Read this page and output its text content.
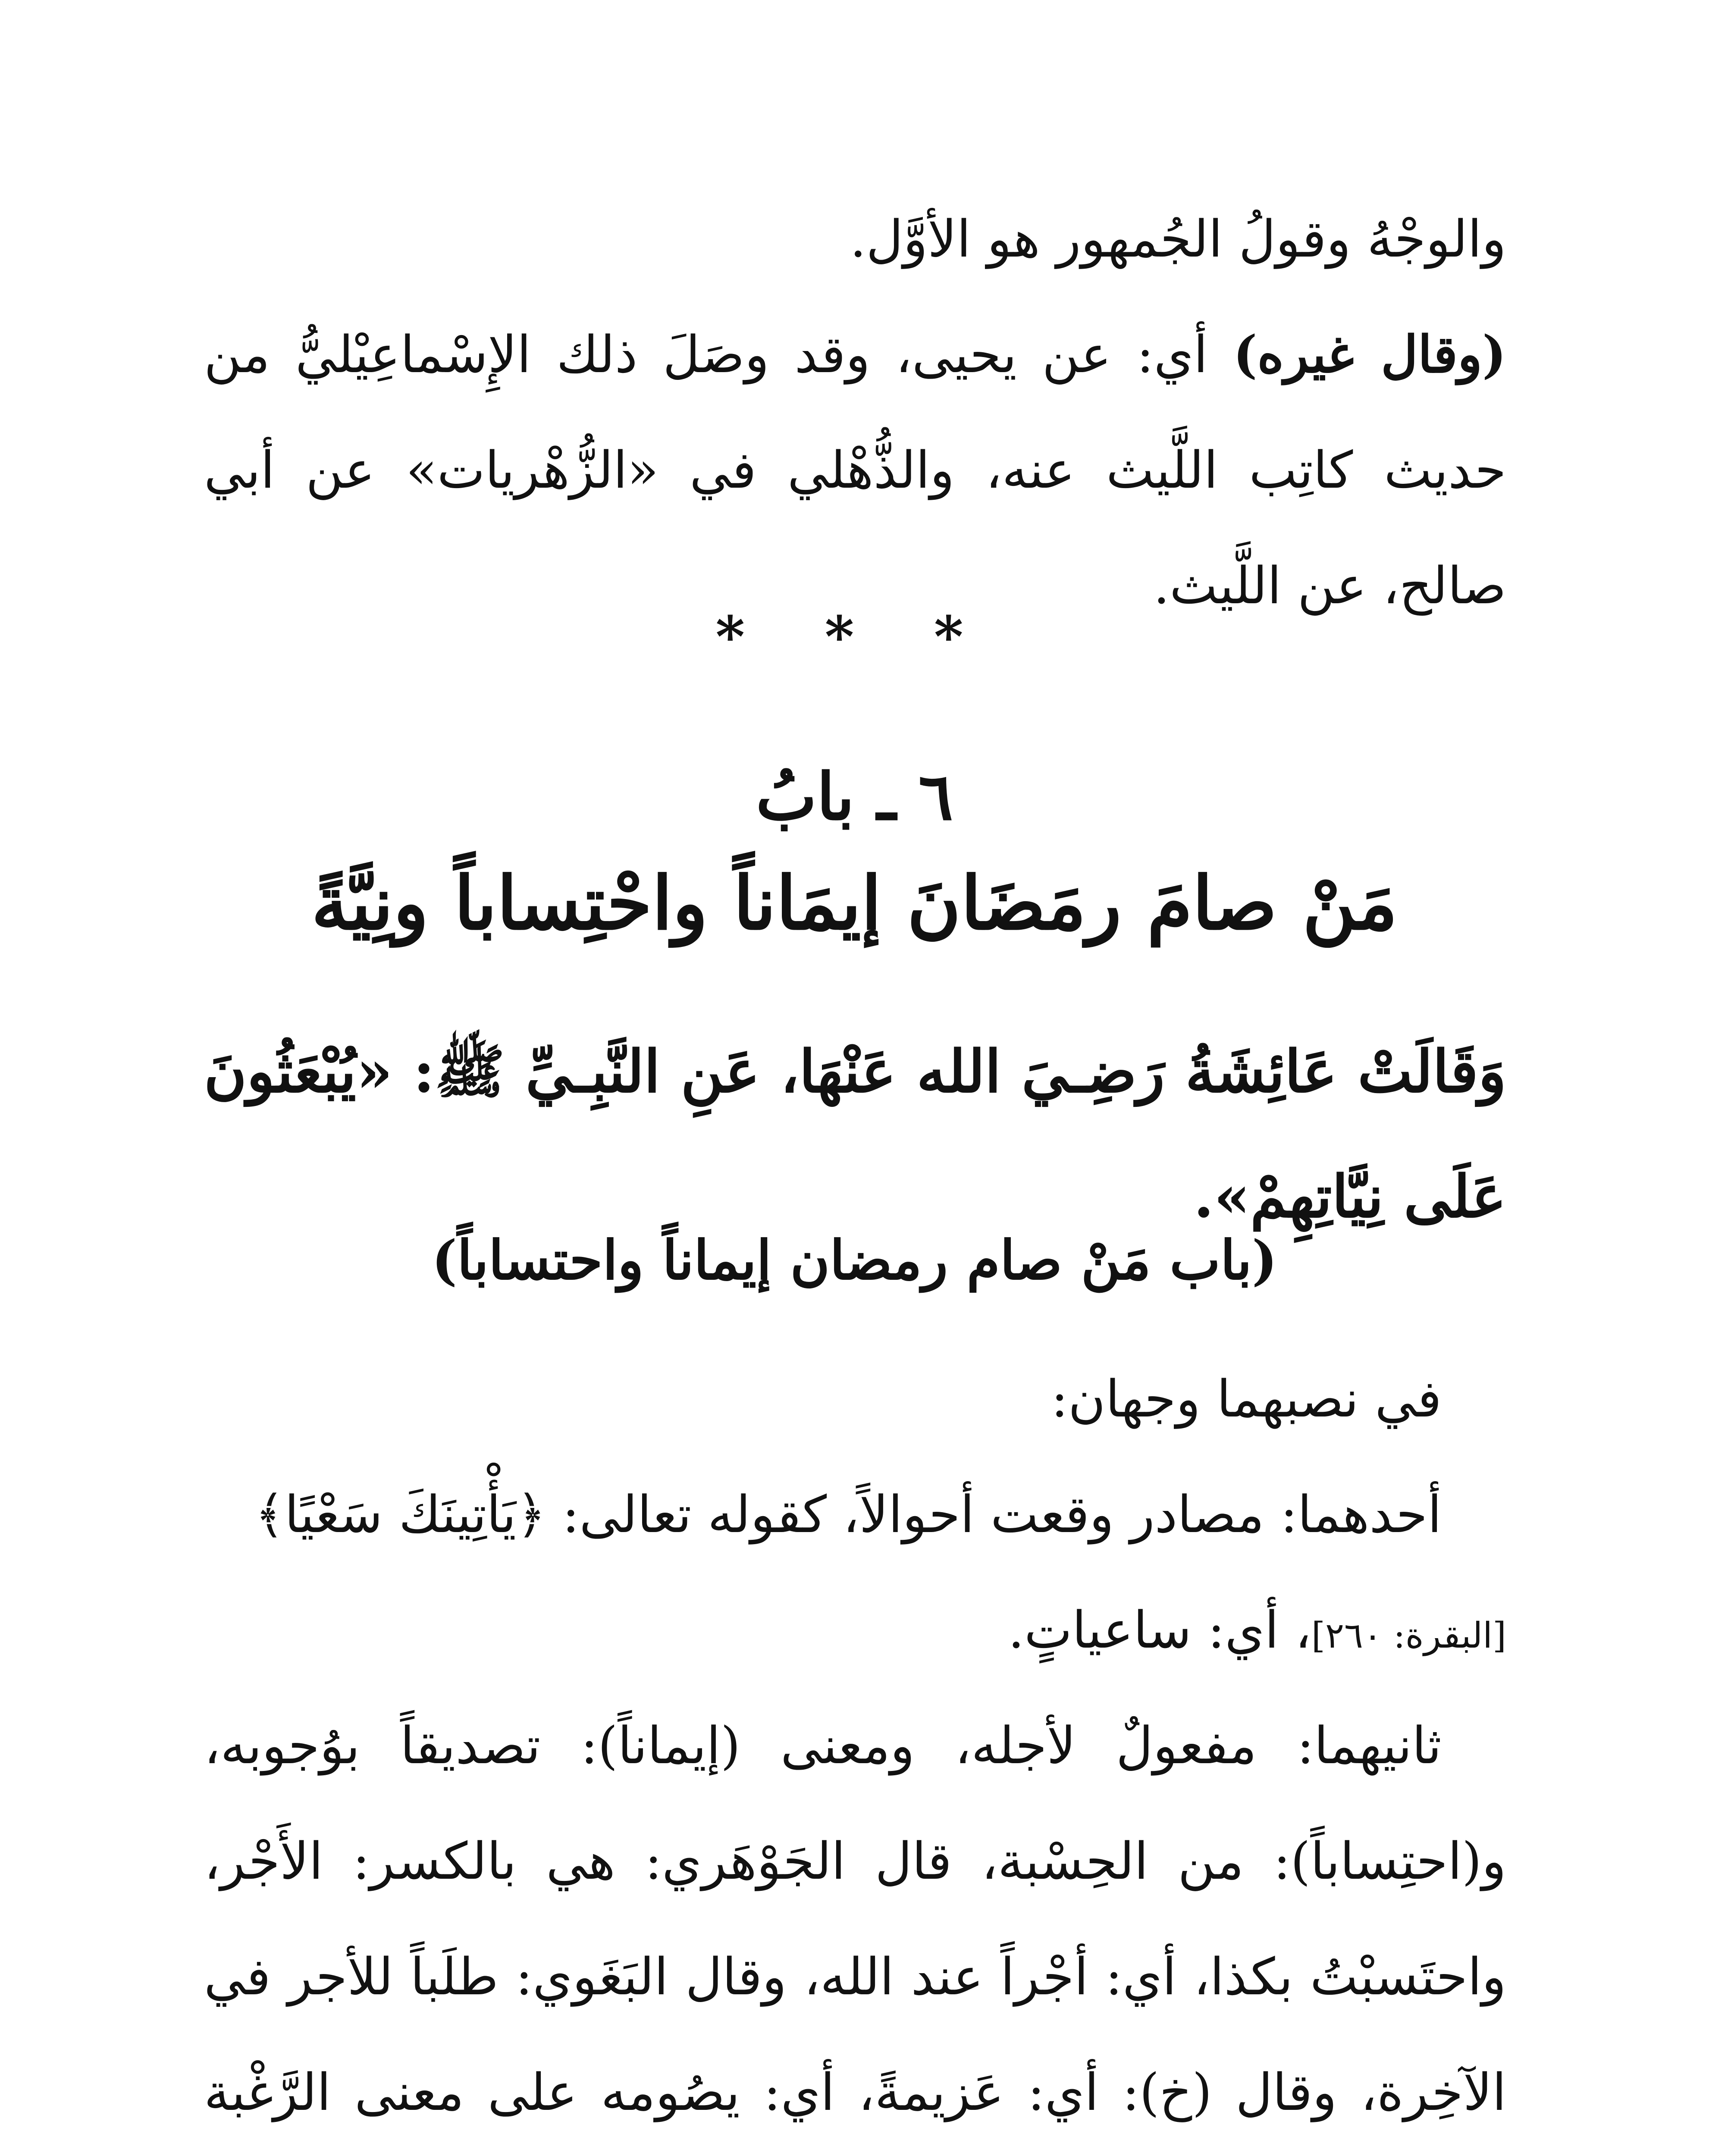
والوجْهُ وقولُ الجُمهور هو الأوَّل.

(وقال غيره) أي: عن يحيى، وقد وصَلَ ذلك الإِسْماعِيْليُّ من حديث كاتِب اللَّيث عنه، والذُّهْلي في «الزُّهْريات» عن أبي صالح، عن اللَّيث.

* * *
٦ ـ بابُ
مَنْ صامَ رمَضَانَ إيمَاناً واحْتِساباً ونِيَّةً

وَقَالَتْ عَائِشَةُ رَضِـيَ الله عَنْهَا، عَنِ النَّبِـيِّ ﷺ: «يُبْعَثُونَ عَلَى نِيَّاتِهِمْ».

(باب مَنْ صام رمضان إيماناً واحتساباً)

في نصبهما وجهان:

أحدهما: مصادر وقعت أحوالاً، كقوله تعالى: ﴿يَأْتِينَكَ سَعْيًا﴾

[البقرة: ٢٦٠]، أي: ساعياتٍ.

ثانيهما: مفعولٌ لأجله، ومعنى (إيماناً): تصديقاً بوُجوبه، و(احتِساباً): من الحِسْبة، قال الجَوْهَري: هي بالكسر: الأَجْر، واحتَسبْتُ بكذا، أي: أجْراً عند الله، وقال البَغَوي: طلَباً للأجر في الآخِرة، وقال (خ): أي: عَزيمةً، أي: يصُومه على معنى الرَّغْبة
